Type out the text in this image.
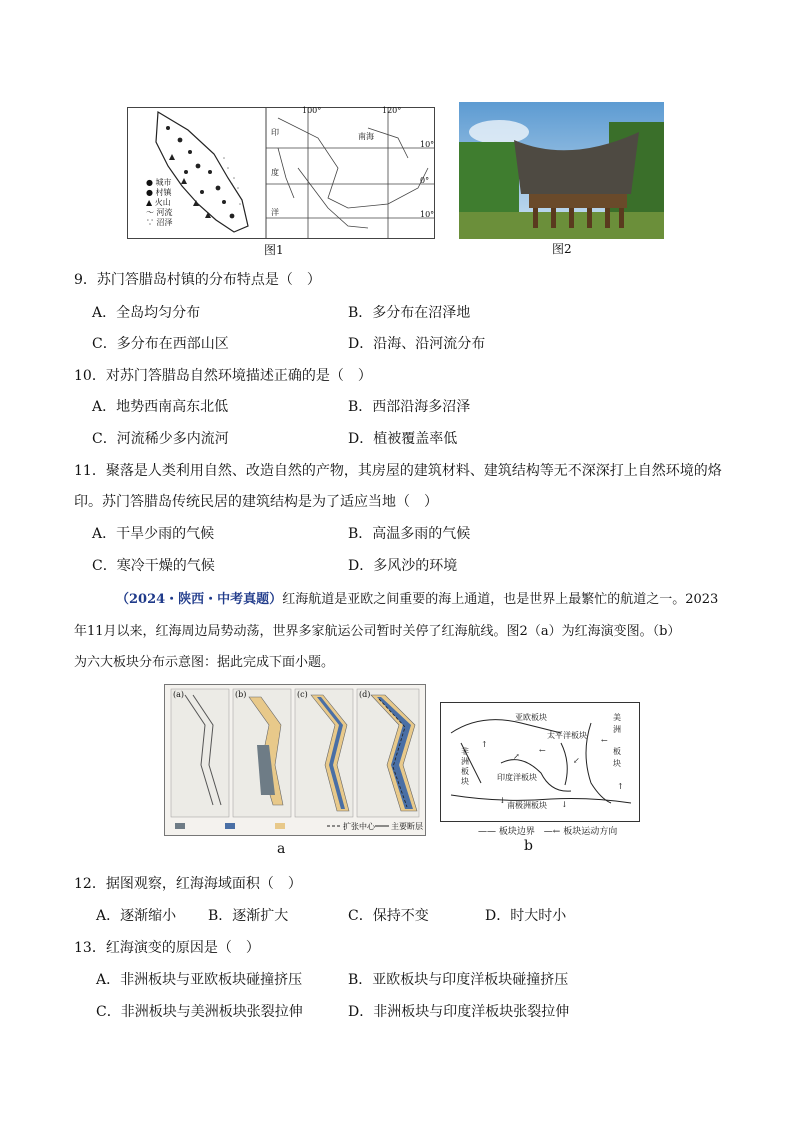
● 城市
● 村镇
▲ 火山
～ 河流
∵ 沼泽
100°	120°
10°
0°
10°
南海
印
度
洋
图1	图2
9．苏门答腊岛村镇的分布特点是（　）
A．全岛均匀分布	B．多分布在沼泽地
C．多分布在西部山区	D．沿海、沿河流分布
10．对苏门答腊岛自然环境描述正确的是（　）
A．地势西南高东北低	B．西部沿海多沼泽
C．河流稀少多内流河	D．植被覆盖率低
11．聚落是人类利用自然、改造自然的产物，其房屋的建筑材料、建筑结构等无不深深打上自然环境的烙
印。苏门答腊岛传统民居的建筑结构是为了适应当地（　）
A．干旱少雨的气候	B．高温多雨的气候
C．寒冷干燥的气候	D．多风沙的环境
（2024・陕西・中考真题）红海航道是亚欧之间重要的海上通道，也是世界上最繁忙的航道之一。2023
年11月以来，红海周边局势动荡，世界多家航运公司暂时关停了红海航线。图2（a）为红海演变图。（b）
为六大板块分布示意图：据此完成下面小题。
(a)	(b)	(c)	(d)
扩张中心 主要断层
a
↑
↗
←
↙
←
↑
↓	↓
亚欧板块
太平洋板块
美
洲
板
块
非
洲
板
块	印度洋板块
南极洲板块
—— 板块边界 —← 板块运动方向
b
12．据图观察，红海海域面积（　）
A．逐渐缩小 B．逐渐扩大	C．保持不变	D．时大时小
13．红海演变的原因是（　）
A．非洲板块与亚欧板块碰撞挤压	B．亚欧板块与印度洋板块碰撞挤压
C．非洲板块与美洲板块张裂拉伸	D．非洲板块与印度洋板块张裂拉伸
